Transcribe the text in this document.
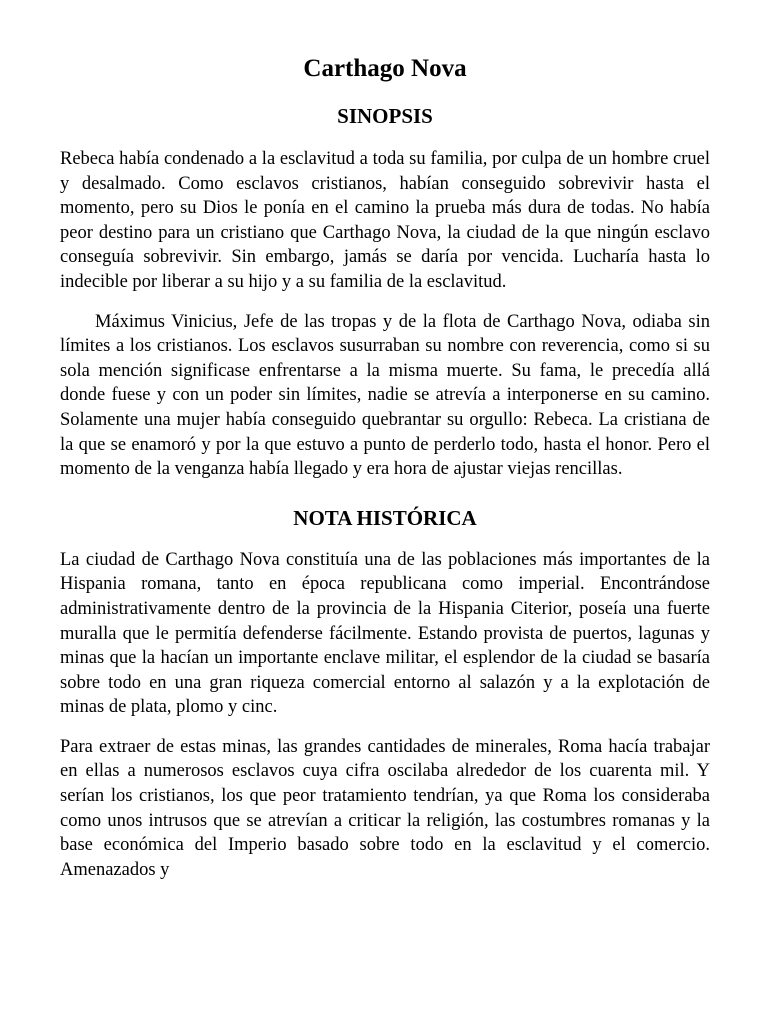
Carthago Nova
SINOPSIS

Rebeca había condenado a la esclavitud a toda su familia, por culpa de un hombre cruel y desalmado. Como esclavos cristianos, habían conseguido sobrevivir hasta el momento, pero su Dios le ponía en el camino la prueba más dura de todas. No había peor destino para un cristiano que Carthago Nova, la ciudad de la que ningún esclavo conseguía sobrevivir. Sin embargo, jamás se daría por vencida. Lucharía hasta lo indecible por liberar a su hijo y a su familia de la esclavitud.

Máximus Vinicius, Jefe de las tropas y de la flota de Carthago Nova, odiaba sin límites a los cristianos. Los esclavos susurraban su nombre con reverencia, como si su sola mención significase enfrentarse a la misma muerte. Su fama, le precedía allá donde fuese y con un poder sin límites, nadie se atrevía a interponerse en su camino. Solamente una mujer había conseguido quebrantar su orgullo: Rebeca. La cristiana de la que se enamoró y por la que estuvo a punto de perderlo todo, hasta el honor. Pero el momento de la venganza había llegado y era hora de ajustar viejas rencillas.

NOTA HISTÓRICA

La ciudad de Carthago Nova constituía una de las poblaciones más importantes de la Hispania romana, tanto en época republicana como imperial. Encontrándose administrativamente dentro de la provincia de la Hispania Citerior, poseía una fuerte muralla que le permitía defenderse fácilmente. Estando provista de puertos, lagunas y minas que la hacían un importante enclave militar, el esplendor de la ciudad se basaría sobre todo en una gran riqueza comercial entorno al salazón y a la explotación de minas de plata, plomo y cinc.

Para extraer de estas minas, las grandes cantidades de minerales, Roma hacía trabajar en ellas a numerosos esclavos cuya cifra oscilaba alrededor de los cuarenta mil. Y serían los cristianos, los que peor tratamiento tendrían, ya que Roma los consideraba como unos intrusos que se atrevían a criticar la religión, las costumbres romanas y la base económica del Imperio basado sobre todo en la esclavitud y el comercio. Amenazados y
